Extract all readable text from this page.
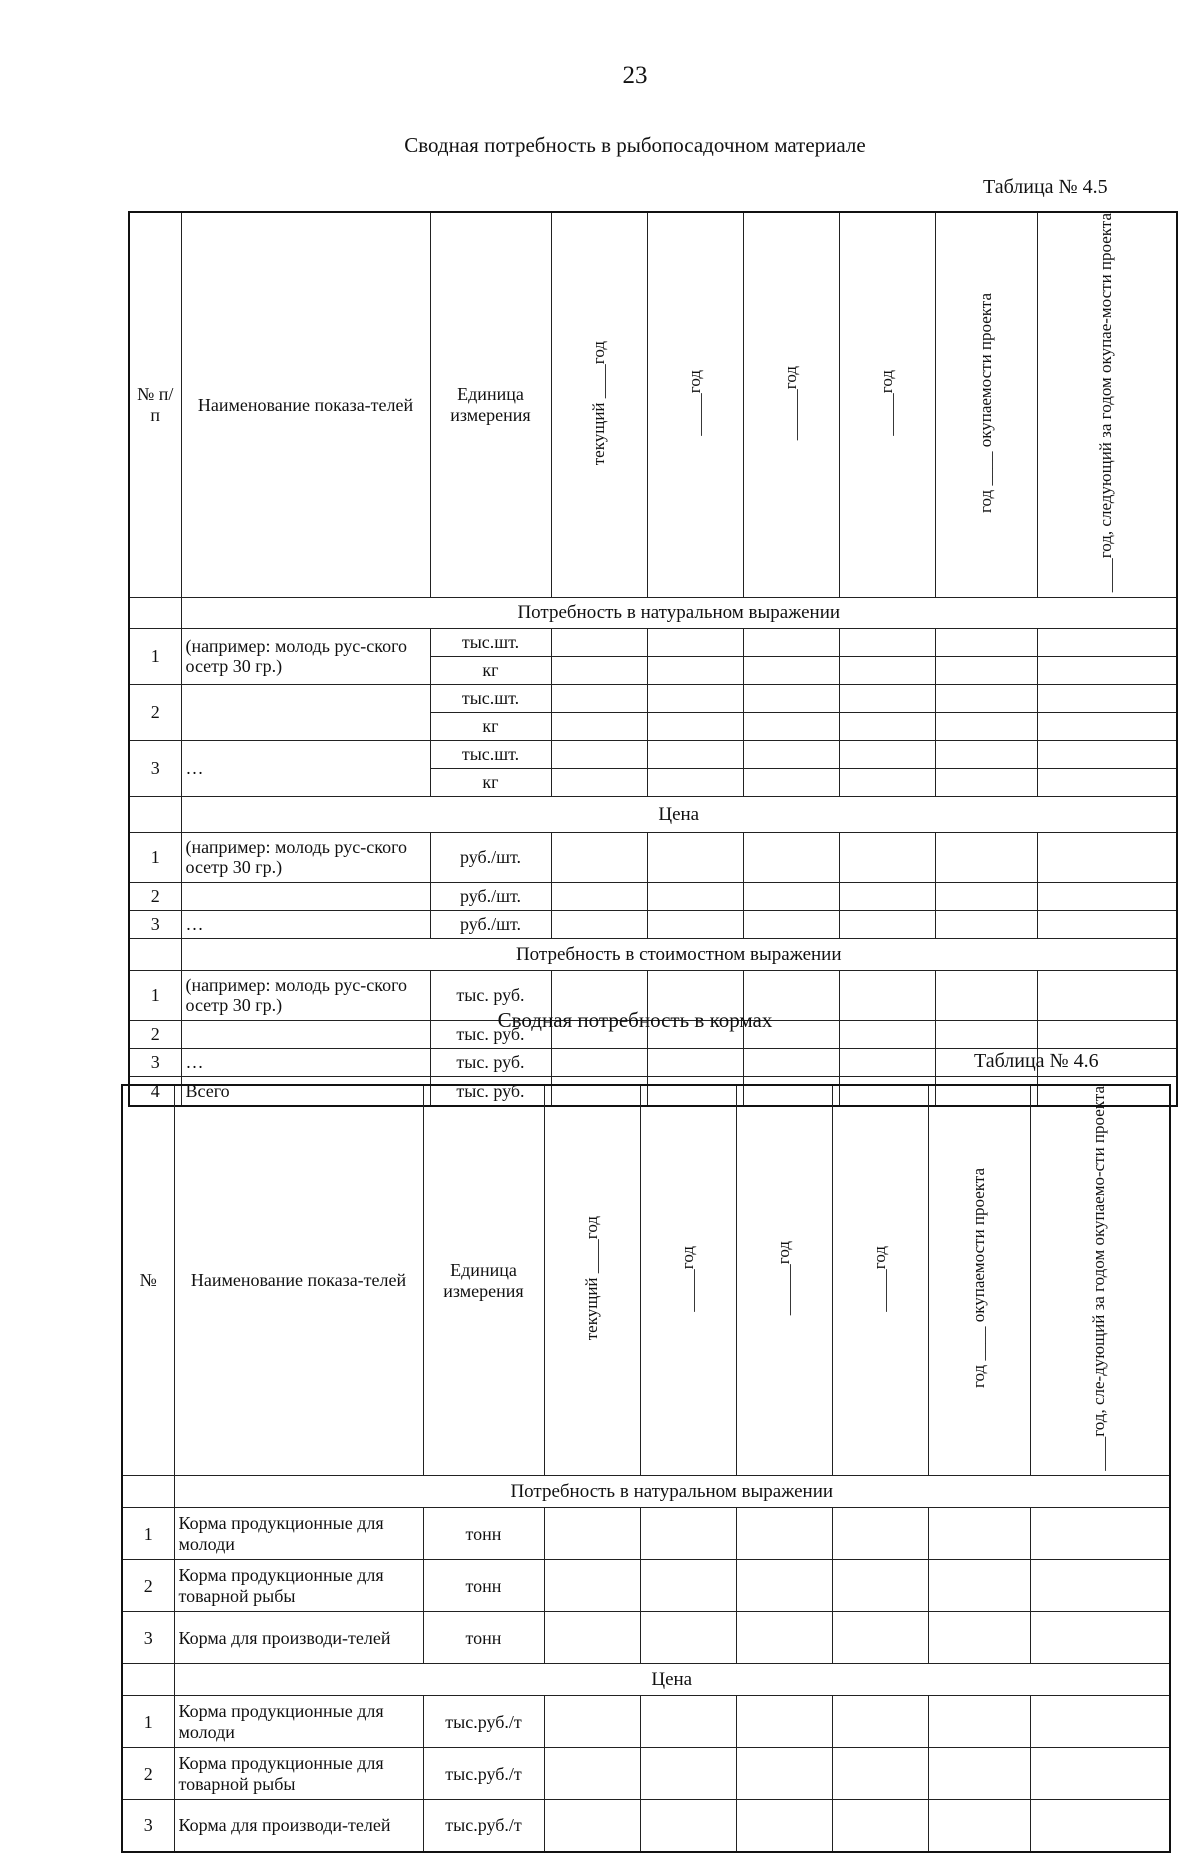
23
Сводная потребность в рыбопосадочном материале
Таблица № 4.5
№ п/п	Наименование показа-телей	Единица измерения	текущий ____год	_____год	______год	_____год	год ____ окупаемости проекта	____год, следующий за годом окупае-мости проекта
	Потребность в натуральном выражении							
1	(например: молодь рус-ского осетр 30 гр.)	тыс.шт.						
		кг						
2		тыс.шт.						
		кг						
3	…	тыс.шт.						
		кг						
	Цена							
1	(например: молодь рус-ского осетр 30 гр.)	руб./шт.						
2		руб./шт.						
3	…	руб./шт.						
	Потребность в стоимостном выражении							
1	(например: молодь рус-ского осетр 30 гр.)	тыс. руб.						
2		тыс. руб.						
3	…	тыс. руб.						
4	Всего	тыс. руб.						
Сводная потребность в кормах
Таблица № 4.6
№	Наименование показа-телей	Единица измерения	текущий ____год	_____год	______год	_____год	год ____ окупаемости проекта	____год, сле-дующий за годом окупаемо-сти проекта
	Потребность в натуральном выражении							
1	Корма продукционные для молоди	тонн						
2	Корма продукционные для товарной рыбы	тонн						
3	Корма для производи-телей	тонн						
	Цена							
1	Корма продукционные для молоди	тыс.руб./т						
2	Корма продукционные для товарной рыбы	тыс.руб./т						
3	Корма для производи-телей	тыс.руб./т						
